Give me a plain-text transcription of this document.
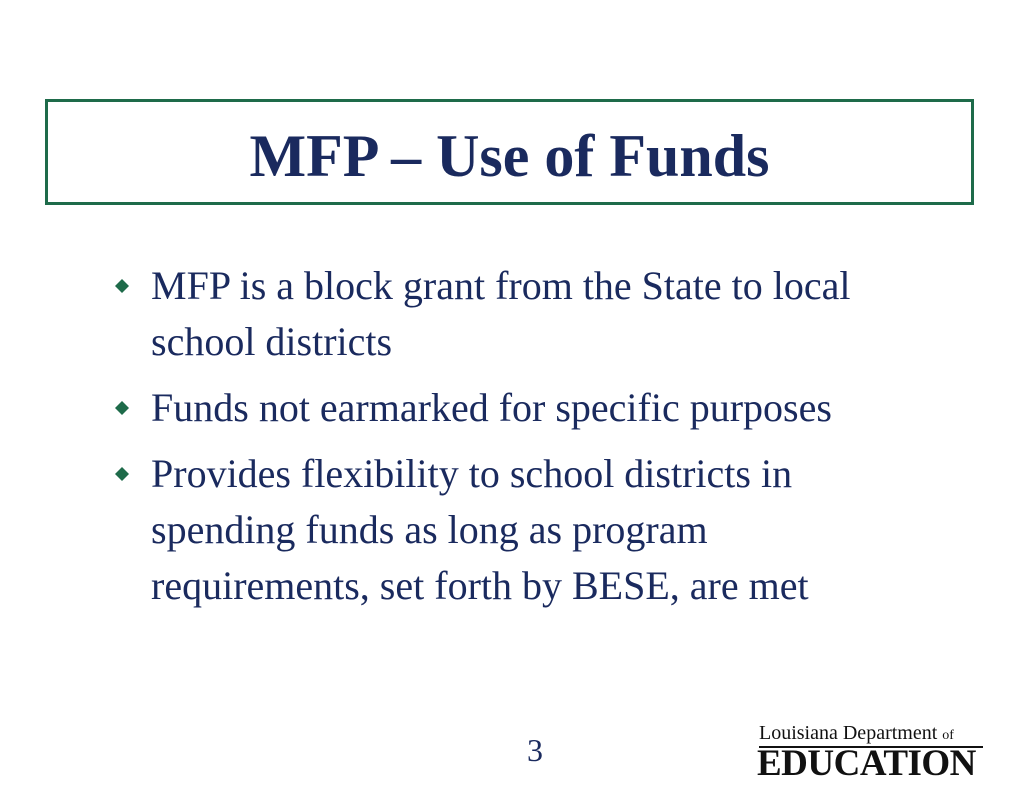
MFP – Use of Funds
MFP is a block grant from the State to local school districts
Funds not earmarked for specific purposes
Provides flexibility to school districts in spending funds as long as program requirements, set forth by BESE, are met
3	Louisiana Department of
EDUCATION
